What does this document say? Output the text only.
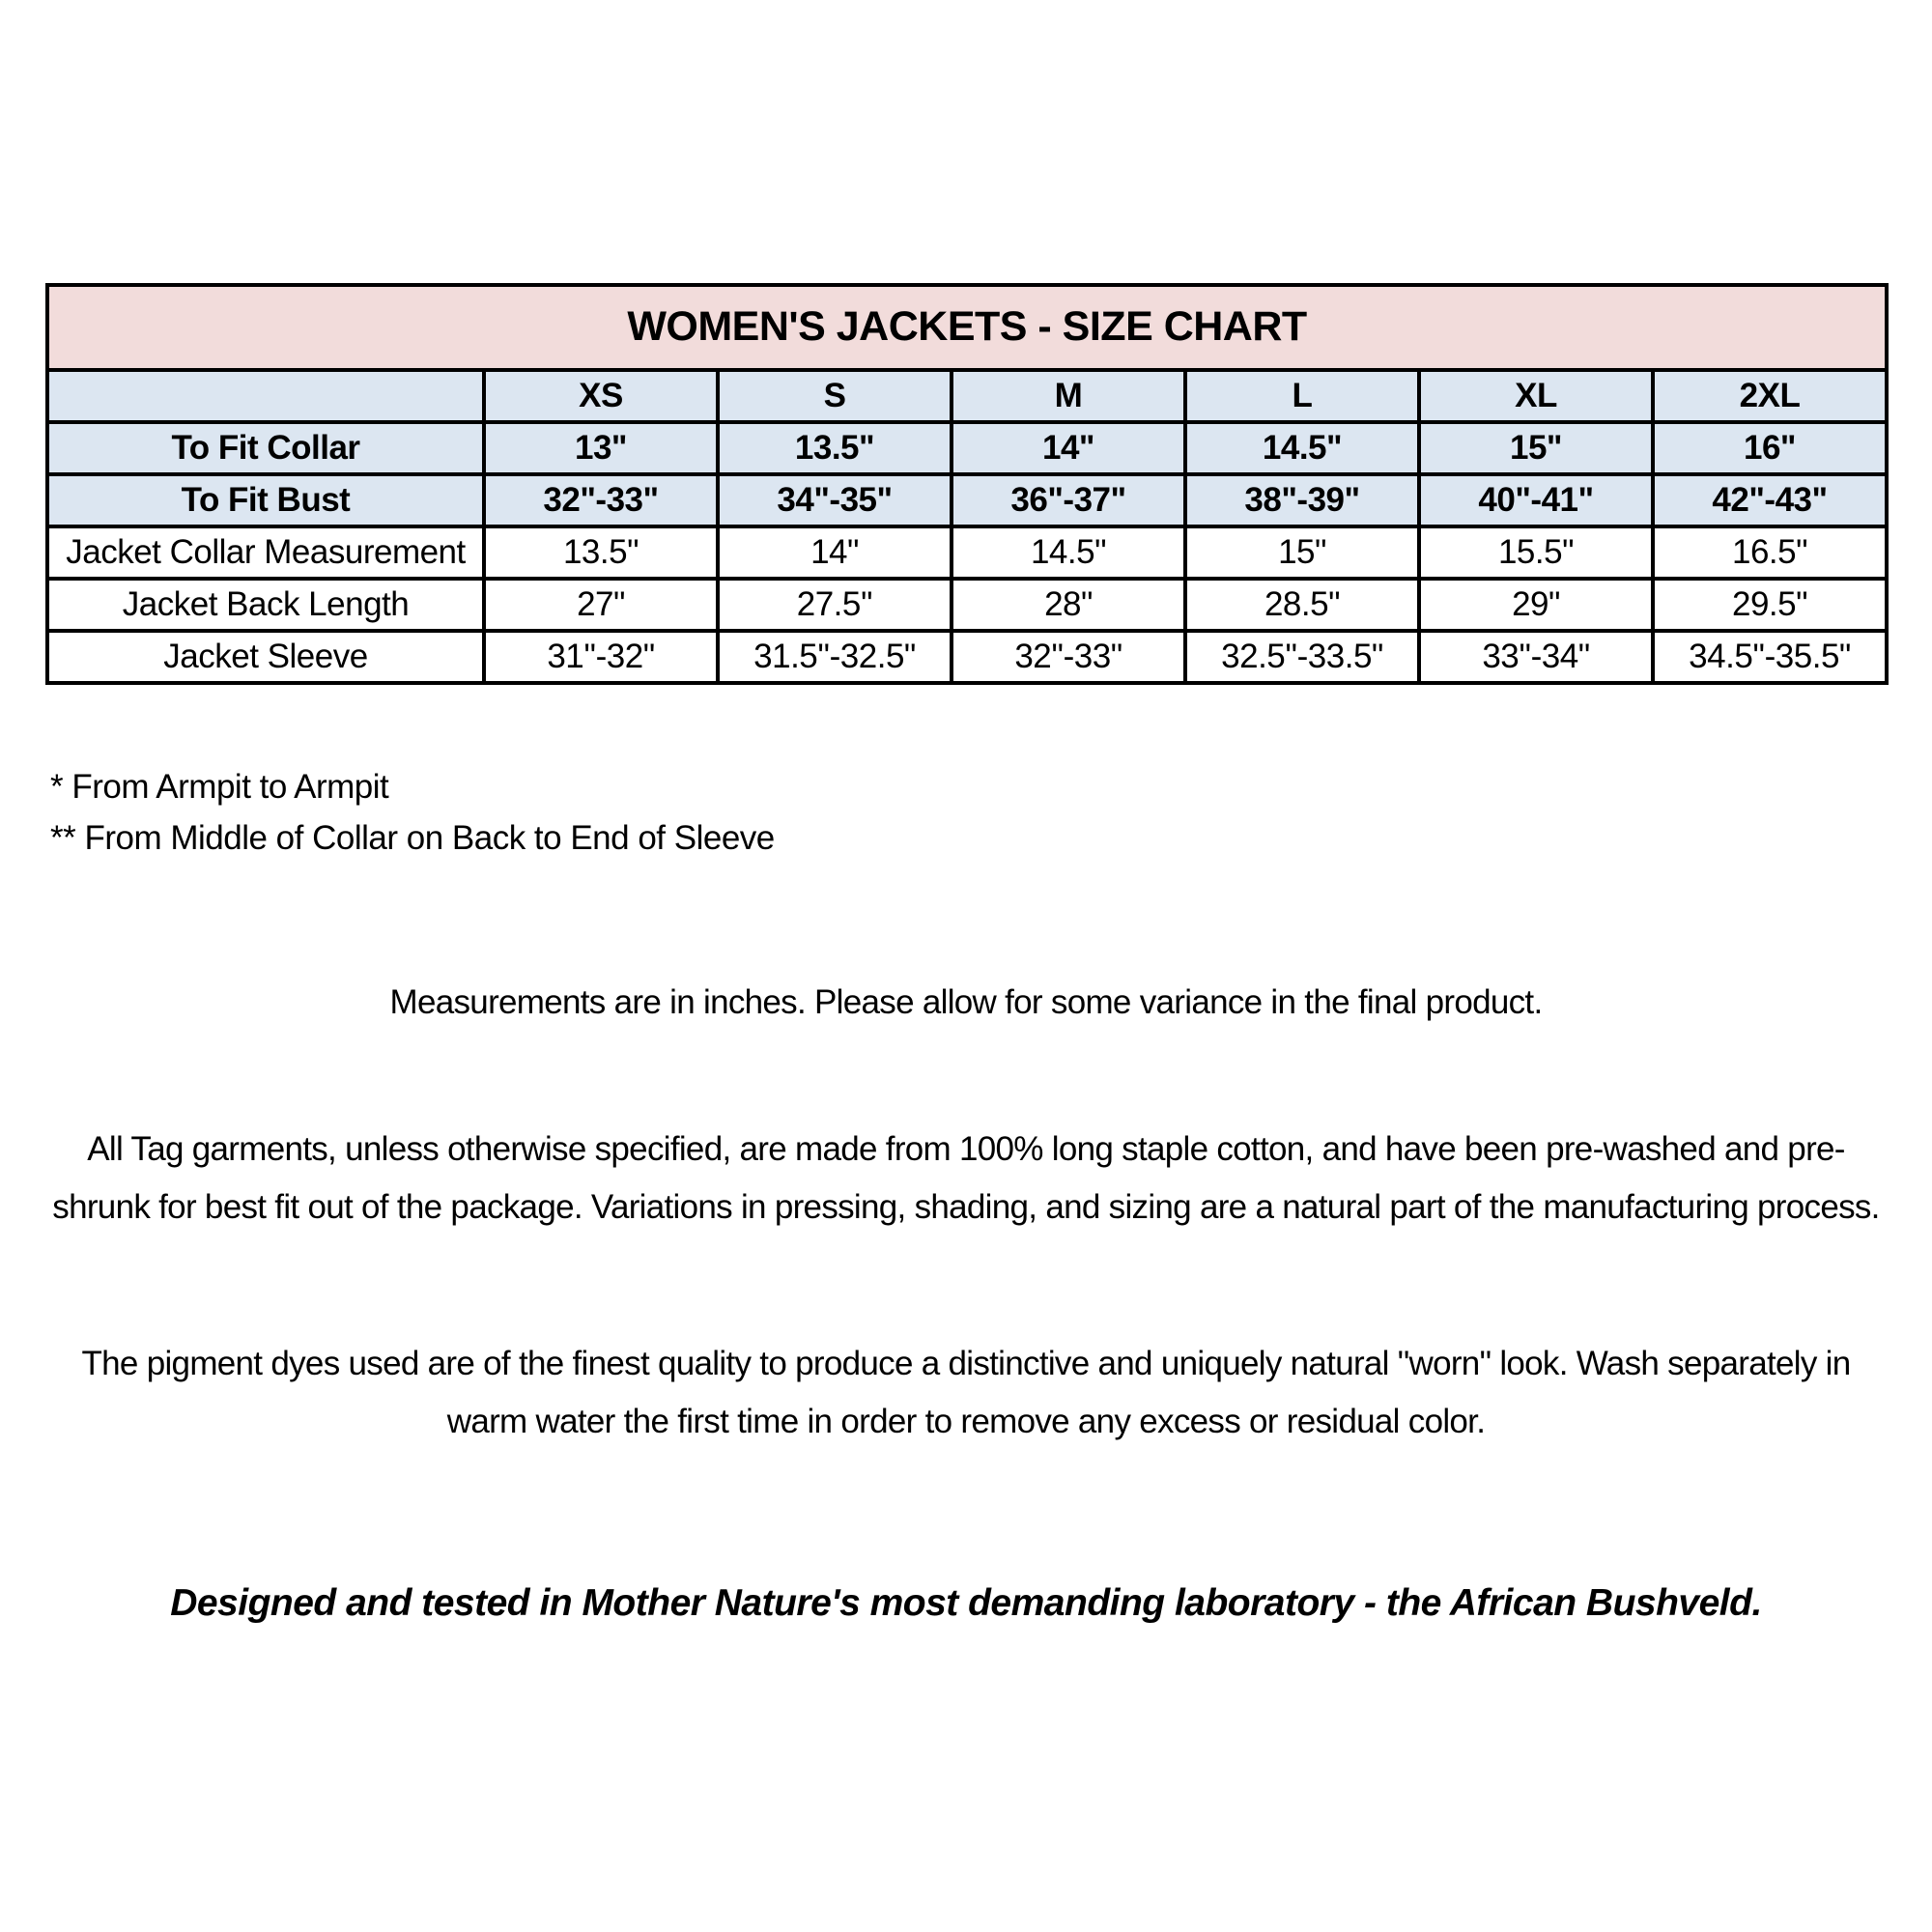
WOMEN'S JACKETS - SIZE CHART						
	XS	S	M	L	XL	2XL
To Fit Collar	13"	13.5"	14"	14.5"	15"	16"
To Fit Bust	32"-33"	34"-35"	36"-37"	38"-39"	40"-41"	42"-43"
Jacket Collar Measurement	13.5"	14"	14.5"	15"	15.5"	16.5"
Jacket Back Length	27"	27.5''	28"	28.5"	29"	29.5"
Jacket Sleeve	31''-32"	31.5''-32.5"	32''-33"	32.5''-33.5"	33''-34"	34.5''-35.5"
* From Armpit to Armpit
** From Middle of Collar on Back to End of Sleeve
Measurements are in inches. Please allow for some variance in the final product.
All Tag garments, unless otherwise specified, are made from 100% long staple cotton, and have been pre-washed and pre-shrunk for best fit out of the package. Variations in pressing, shading, and sizing are a natural part of the manufacturing process.
The pigment dyes used are of the finest quality to produce a distinctive and uniquely natural "worn" look. Wash separately in warm water the first time in order to remove any excess or residual color.
Designed and tested in Mother Nature's most demanding laboratory - the African Bushveld.
